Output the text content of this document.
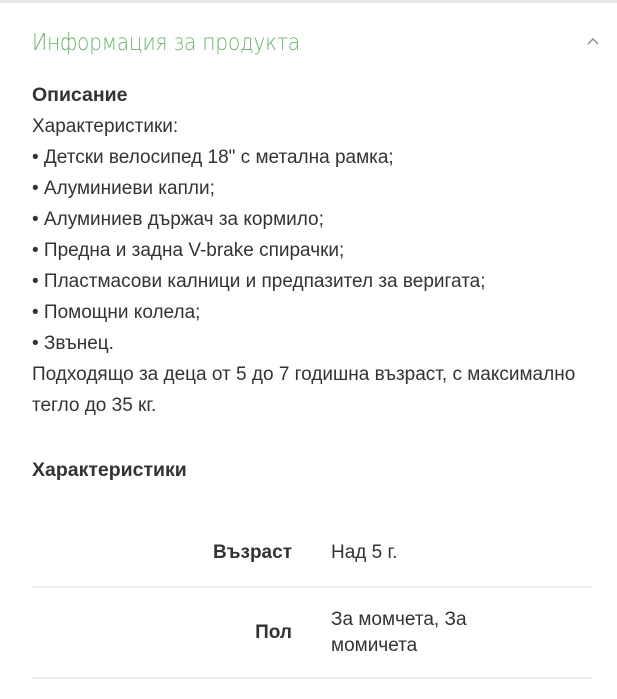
Информация за продукта
Описание
Характеристики:
• Детски велосипед 18" с метална рамка;
• Алуминиеви капли;
• Алуминиев държач за кормило;
• Предна и задна V-brake спирачки;
• Пластмасови калници и предпазител за веригата;
• Помощни колела;
• Звънец.
Подходящо за деца от 5 до 7 годишна възраст, с максимално тегло до 35 кг.
Характеристики
Възраст	Над 5 г.
Пол	За момчета, За момичета
